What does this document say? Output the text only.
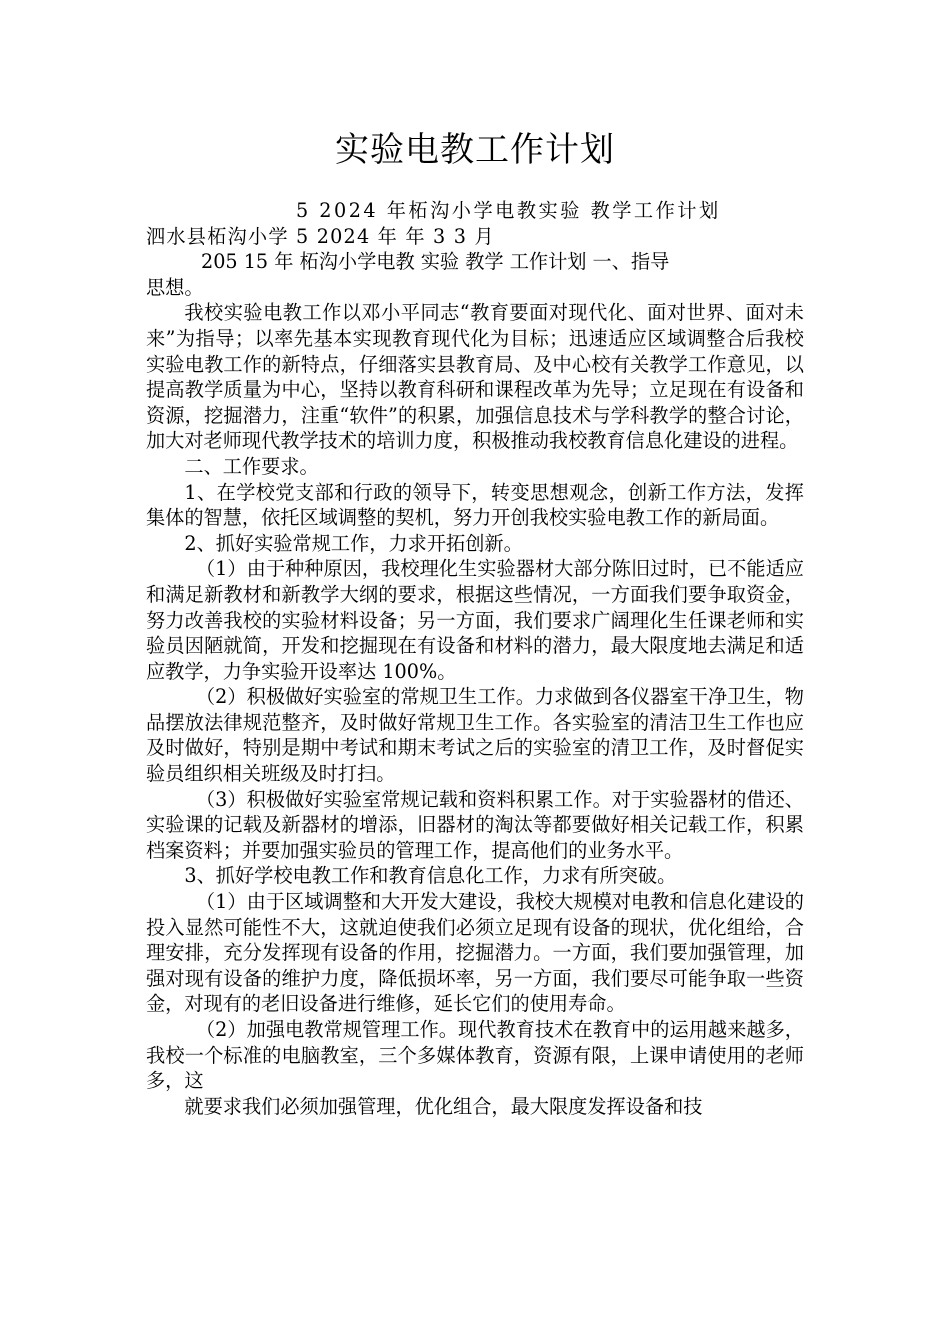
实验电教工作计划
5 2024 年柘沟小学电教实验 教学工作计划
泗水县柘沟小学 5 2024 年 年 3 3 月
205 15 年 柘沟小学电教 实验 教学 工作计划 一、指导
思想。

我校实验电教工作以邓小平同志“教育要面对现代化、面对世界、面对未来”为指导；以率先基本实现教育现代化为目标；迅速适应区域调整合后我校实验电教工作的新特点，仔细落实县教育局、及中心校有关教学工作意见，以提高教学质量为中心，坚持以教育科研和课程改革为先导；立足现在有设备和资源，挖掘潜力，注重“软件”的积累，加强信息技术与学科教学的整合讨论，加大对老师现代教学技术的培训力度，积极推动我校教育信息化建设的进程。

二、工作要求。

1、在学校党支部和行政的领导下，转变思想观念，创新工作方法，发挥集体的智慧，依托区域调整的契机，努力开创我校实验电教工作的新局面。

2、抓好实验常规工作，力求开拓创新。

（1）由于种种原因，我校理化生实验器材大部分陈旧过时，已不能适应和满足新教材和新教学大纲的要求，根据这些情况，一方面我们要争取资金，努力改善我校的实验材料设备；另一方面，我们要求广阔理化生任课老师和实验员因陋就简，开发和挖掘现在有设备和材料的潜力，最大限度地去满足和适应教学，力争实验开设率达 100%。

（2）积极做好实验室的常规卫生工作。力求做到各仪器室干净卫生，物品摆放法律规范整齐，及时做好常规卫生工作。各实验室的清洁卫生工作也应及时做好，特别是期中考试和期末考试之后的实验室的清卫工作，及时督促实验员组织相关班级及时打扫。

（3）积极做好实验室常规记载和资料积累工作。对于实验器材的借还、实验课的记载及新器材的增添，旧器材的淘汰等都要做好相关记载工作，积累档案资料；并要加强实验员的管理工作，提高他们的业务水平。

3、抓好学校电教工作和教育信息化工作，力求有所突破。

（1）由于区域调整和大开发大建设，我校大规模对电教和信息化建设的投入显然可能性不大，这就迫使我们必须立足现有设备的现状，优化组给，合理安排，充分发挥现有设备的作用，挖掘潜力。一方面，我们要加强管理，加强对现有设备的维护力度，降低损坏率，另一方面，我们要尽可能争取一些资金，对现有的老旧设备进行维修，延长它们的使用寿命。

（2）加强电教常规管理工作。现代教育技术在教育中的运用越来越多，我校一个标准的电脑教室，三个多媒体教育，资源有限，上课申请使用的老师多，这

就要求我们必须加强管理，优化组合，最大限度发挥设备和技
